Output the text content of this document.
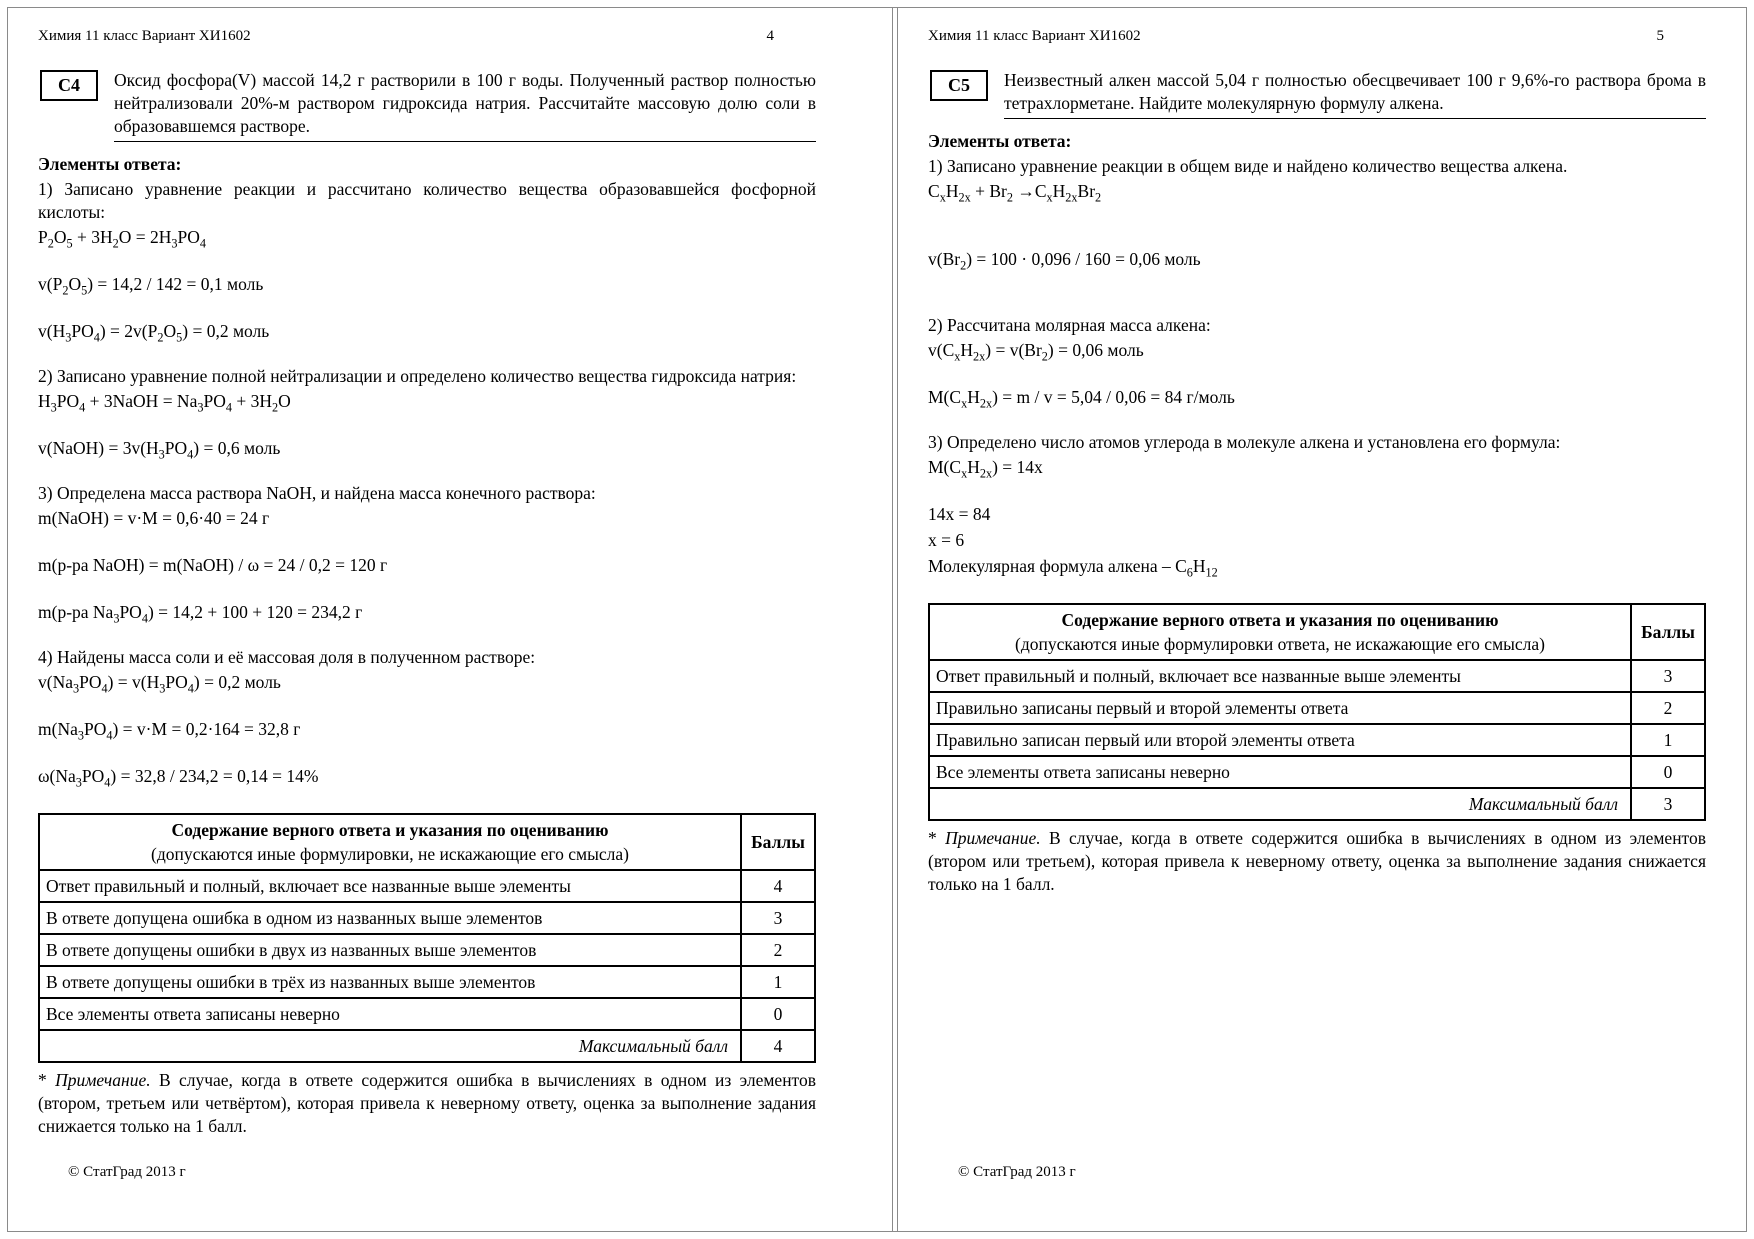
Химия 11 класс Вариант ХИ1602	4
С4	Оксид фосфора(V) массой 14,2 г растворили в 100 г воды. Полученный раствор полностью нейтрализовали 20%-м раствором гидроксида натрия. Рассчитайте массовую долю соли в образовавшемся растворе.
Элементы ответа:
1) Записано уравнение реакции и рассчитано количество вещества образовавшейся фосфорной кислоты:
$P_2O_5 + 3H_2O = 2H_3PO_4$
$v(P_2O_5) = 14,2 / 142 = 0,1$ моль
$v(H_3PO_4) = 2v(P_2O_5) = 0,2$ моль
2) Записано уравнение полной нейтрализации и определено количество вещества гидроксида натрия:
$H_3PO_4$ + 3NaOH = $Na_3PO_4 + 3H_2O$
v(NaOH) = $3v(H_3PO_4) = 0,6$ моль
3) Определена масса раствора NaOH, и найдена масса конечного раствора:
m(NaOH) = v·M = 0,6·40 = 24 г
m(р-ра NaOH) = m(NaOH) / ω = 24 / 0,2 = 120 г
m(р-ра $Na_3PO_4) = 14,2 + 100 + 120 = 234,2$ г
4) Найдены масса соли и её массовая доля в полученном растворе:
$v(Na_3PO_4) = v(H_3PO_4) = 0,2$ моль
$m(Na_3PO_4) = v\cdot M = 0,2\cdot 164 = 32,8$ г
$\omega(Na_3PO_4) = 32,8 / 234,2 = 0,14 = 14\%$
Содержание верного ответа и указания по оцениванию
(допускаются иные формулировки, не искажающие его смысла)	Баллы
Ответ правильный и полный, включает все названные выше элементы	4
В ответе допущена ошибка в одном из названных выше элементов	3
В ответе допущены ошибки в двух из названных выше элементов	2
В ответе допущены ошибки в трёх из названных выше элементов	1
Все элементы ответа записаны неверно	0
Максимальный балл	4

* Примечание. В случае, когда в ответе содержится ошибка в вычислениях в одном из элементов (втором, третьем или четвёртом), которая привела к неверному ответу, оценка за выполнение задания снижается только на 1 балл.

© СтатГрад 2013 г
Химия 11 класс Вариант ХИ1602	5
С5	Неизвестный алкен массой 5,04 г полностью обесцвечивает 100 г 9,6%-го раствора брома в тетрахлорметане. Найдите молекулярную формулу алкена.
Элементы ответа:
1) Записано уравнение реакции в общем виде и найдено количество вещества алкена.
$C_xH_{2x} + Br_2 \to C_xH_{2x}Br_2$
$v(Br_2) = 100 \cdot 0,096 / 160 = 0,06$ моль
2) Рассчитана молярная масса алкена:
$v(C_xH_{2x}) = v(Br_2) = 0,06$ моль
$M(C_xH_{2x}) = m / v = 5,04 / 0,06 = 84$ г/моль
3) Определено число атомов углерода в молекуле алкена и установлена его формула:
$M(C_xH_{2x}) = 14x$
14x = 84
x = 6
Молекулярная формула алкена – $C_6H_{12}$
Содержание верного ответа и указания по оцениванию
(допускаются иные формулировки ответа, не искажающие его смысла)	Баллы
Ответ правильный и полный, включает все названные выше элементы	3
Правильно записаны первый и второй элементы ответа	2
Правильно записан первый или второй элементы ответа	1
Все элементы ответа записаны неверно	0
Максимальный балл	3

* Примечание. В случае, когда в ответе содержится ошибка в вычислениях в одном из элементов (втором или третьем), которая привела к неверному ответу, оценка за выполнение задания снижается только на 1 балл.

© СтатГрад 2013 г
